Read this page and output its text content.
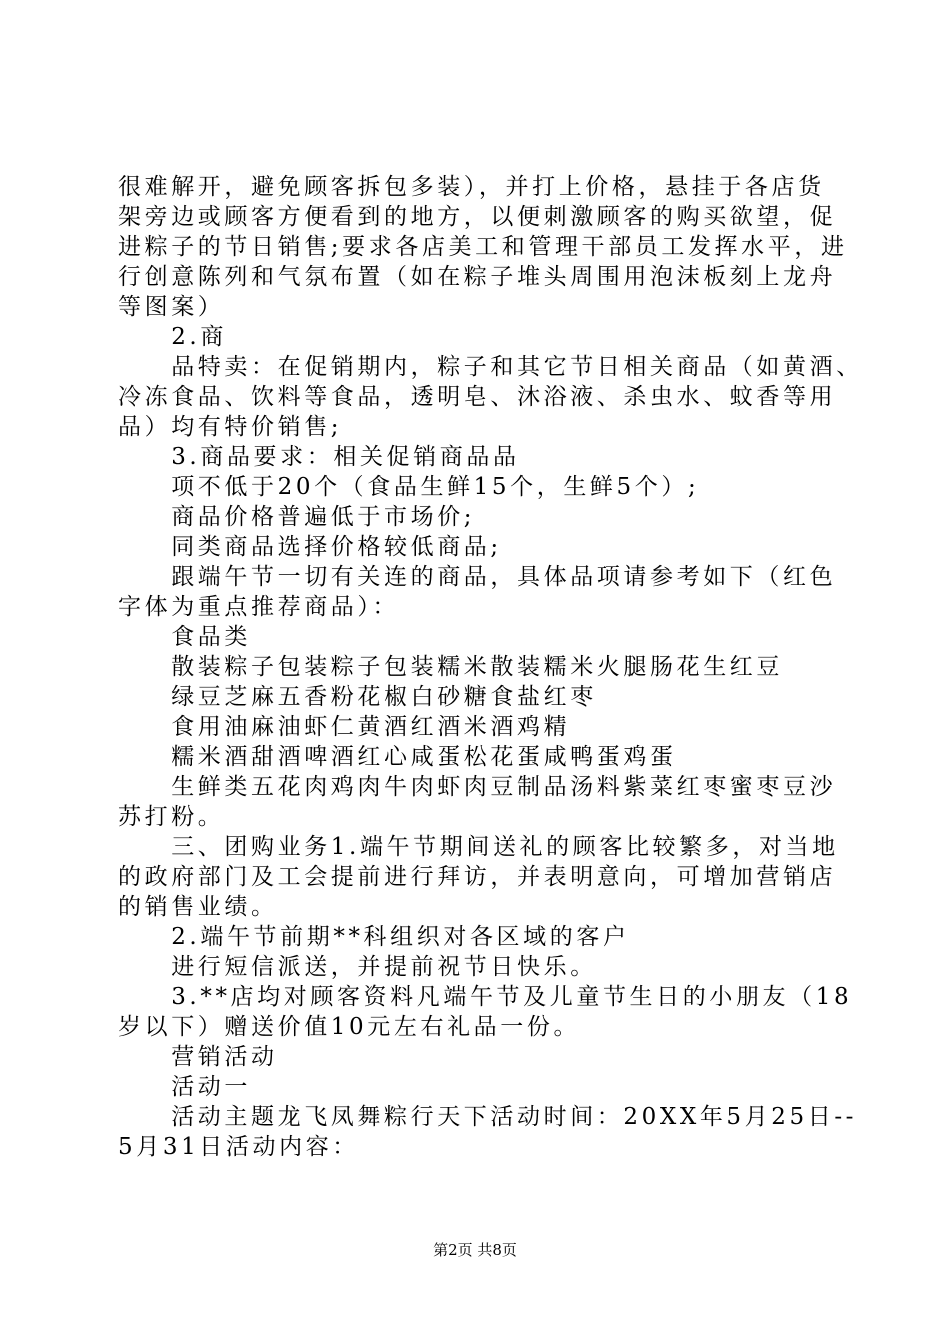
很难解开，避免顾客拆包多装），并打上价格，悬挂于各店货
架旁边或顾客方便看到的地方，以便刺激顾客的购买欲望，促
进粽子的节日销售;要求各店美工和管理干部员工发挥水平，进
行创意陈列和气氛布置（如在粽子堆头周围用泡沫板刻上龙舟
等图案）
　　2.商
　　品特卖：在促销期内，粽子和其它节日相关商品（如黄酒、
冷冻食品、饮料等食品，透明皂、沐浴液、杀虫水、蚊香等用
品）均有特价销售;
　　3.商品要求：相关促销商品品
　　项不低于20个（食品生鲜15个，生鲜5个）;
　　商品价格普遍低于市场价;
　　同类商品选择价格较低商品;
　　跟端午节一切有关连的商品，具体品项请参考如下（红色
字体为重点推荐商品）：
　　食品类
　　散装粽子包装粽子包装糯米散装糯米火腿肠花生红豆
　　绿豆芝麻五香粉花椒白砂糖食盐红枣
　　食用油麻油虾仁黄酒红酒米酒鸡精
　　糯米酒甜酒啤酒红心咸蛋松花蛋咸鸭蛋鸡蛋
　　生鲜类五花肉鸡肉牛肉虾肉豆制品汤料紫菜红枣蜜枣豆沙
苏打粉。
　　三、团购业务1.端午节期间送礼的顾客比较繁多，对当地
的政府部门及工会提前进行拜访，并表明意向，可增加营销店
的销售业绩。
　　2.端午节前期**科组织对各区域的客户
　　进行短信派送，并提前祝节日快乐。
　　3.**店均对顾客资料凡端午节及儿童节生日的小朋友（18
岁以下）赠送价值10元左右礼品一份。
　　营销活动
　　活动一
　　活动主题龙飞凤舞粽行天下活动时间：20XX年5月25日--
5月31日活动内容：
第2页 共8页
